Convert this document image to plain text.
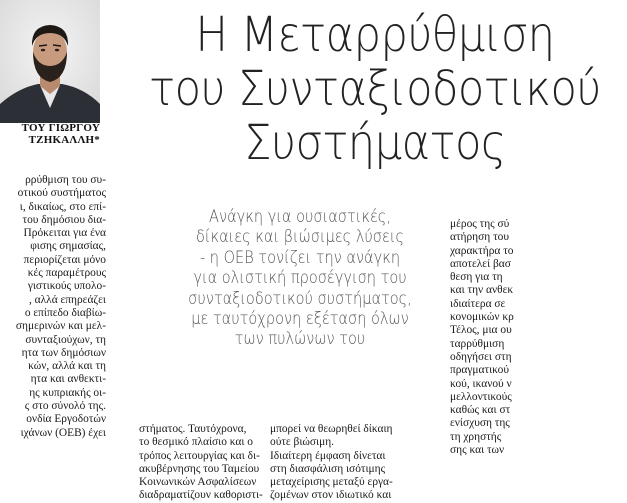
ΤΟΥ ΓΙΩΡΓΟΥ
ΤΖΗΚΑΛΛΗ*
Η Μεταρρύθμιση
του Συνταξιοδοτικού
Συστήματος
ρρύθμιση του συ-
οτικού συστήματος
ι, δικαίως, στο επί-
του δημόσιου δια-
Πρόκειται για ένα
φισης σημασίας,
περιορίζεται μόνο
κές παραμέτρους
γιστικούς υπολο-
, αλλά επηρεάζει
ο επίπεδο διαβίω-
σημερινών και μελ-
συνταξιούχων, τη
ητα των δημόσιων
κών, αλλά και τη
ητα και ανθεκτι-
ης κυπριακής οι-
ς στο σύνολό της.
ονδία Εργοδοτών
ιχάνων (ΟΕΒ) έχει
Ανάγκη για ουσιαστικές,
δίκαιες και βιώσιμες λύσεις
- η ΟΕΒ τονίζει την ανάγκη
για ολιστική προσέγγιση του
συνταξιοδοτικού συστήματος,
με ταυτόχρονη εξέταση όλων
των πυλώνων του
στήματος. Ταυτόχρονα,
το θεσμικό πλαίσιο και ο
τρόπος λειτουργίας και δι-
ακυβέρνησης του Ταμείου
Κοινωνικών Ασφαλίσεων
διαδραματίζουν καθοριστι-
μπορεί να θεωρηθεί δίκαιη
ούτε βιώσιμη.
Ιδιαίτερη έμφαση δίνεται
στη διασφάλιση ισότιμης
μεταχείρισης μεταξύ εργα-
ζομένων στον ιδιωτικό και
μέρος της σύ
ατήρηση του
χαρακτήρα το
αποτελεί βασ
θεση για τη
και την ανθεκ
ιδιαίτερα σε
κονομικών κρ
Τέλος, μια ου
ταρρύθμιση
οδηγήσει στη
πραγματικού
κού, ικανού ν
μελλοντικούς
καθώς και στ
ενίσχυση της
τη χρηστής
σης και των
